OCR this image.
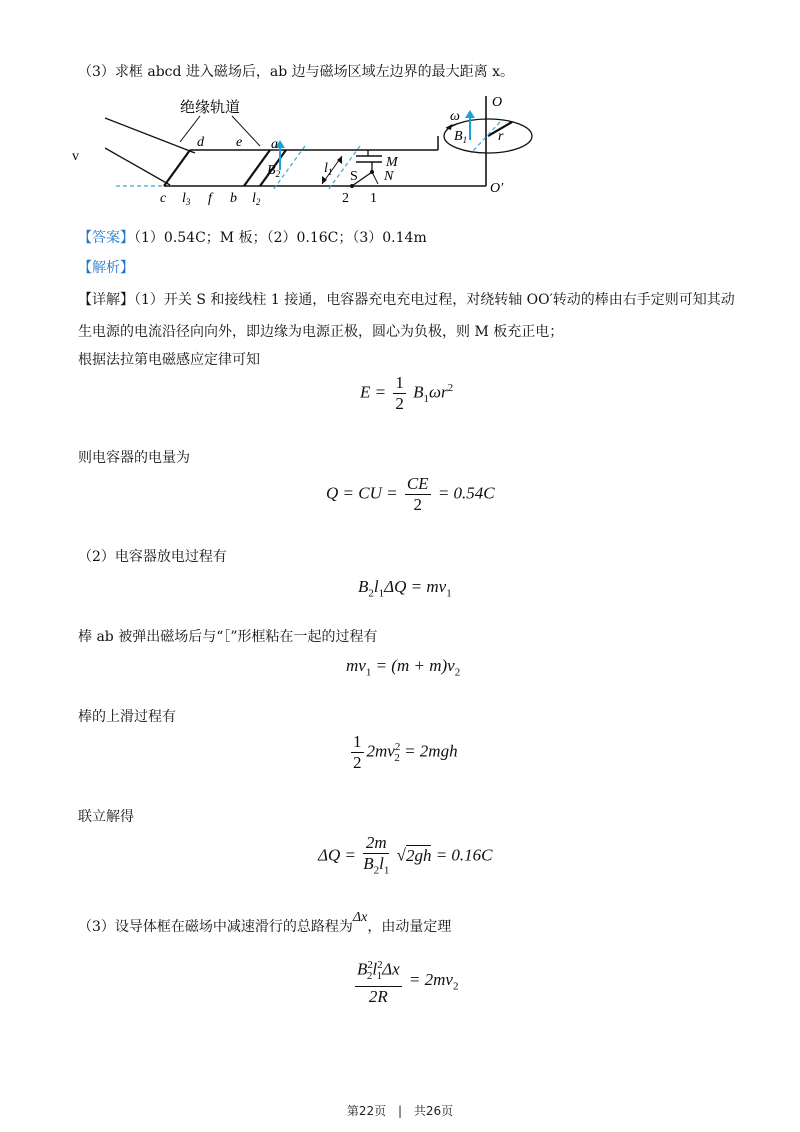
（3）求框 abcd 进入磁场后，ab 边与磁场区域左边界的最大距离 x。
v
绝缘轨道
d e a
c $l_3$ f b $l_2$
$B_2$	$l_1$
M
N
S
2 1
O
O′
ω
$B_1$ r
【答案】（1）0.54C；M 板；（2）0.16C；（3）0.14m
【解析】
【详解】（1）开关 S 和接线柱 1 接通，电容器充电充电过程，对绕转轴 OO′转动的棒由右手定则可知其动
生电源的电流沿径向向外，即边缘为电源正极，圆心为负极，则 M 板充正电；
根据法拉第电磁感应定律可知
$E = \frac{1}{2} B_1\omega r^2$
则电容器的电量为
Q = CU = $\frac{CE}{2} = 0.54C$
（2）电容器放电过程有
$B_2l_1\Delta Q = mv_1$
棒 ab 被弹出磁场后与“［”形框粘在一起的过程有
$mv_1 = (m + m)v_2$
棒的上滑过程有
$\frac{1}{2} 2mv^2_2 = 2mgh$
联立解得
$\Delta Q = \frac{2m}{B_2l_1} √2gh = 0.16C$
（3）设导体框在磁场中减速滑行的总路程为Δx，由动量定理
$\frac{B^2_2l^2_1\Delta x}{2R} = 2mv_2$
第22页 | 共26页
